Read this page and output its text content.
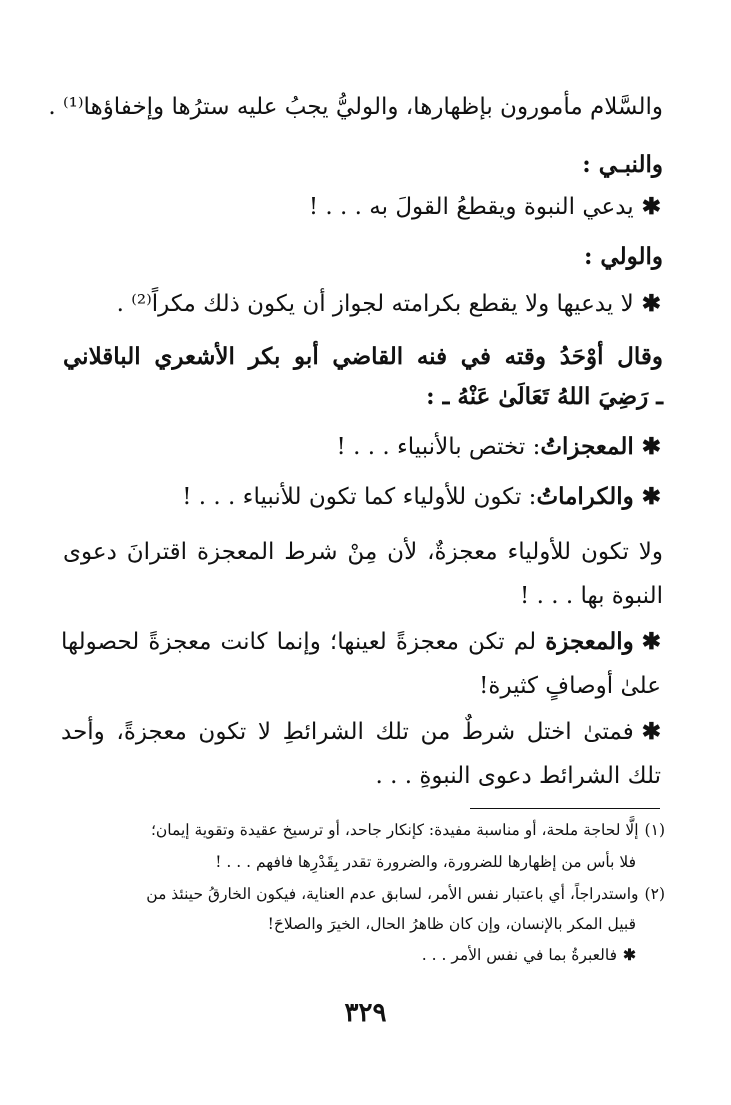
والسَّلام مأمورون بإظهارها، والوليُّ يجبُ عليه سترُها وإخفاؤها⁽¹⁾ .

والنبـي :

✱يدعي النبوة ويقطعُ القولَ به . . . !

والولي :

✱لا يدعيها ولا يقطع بكرامته لجواز أن يكون ذلك مكراً⁽²⁾ .

وقال أوْحَدُ وقته في فنه القاضي أبو بكر الأشعري الباقلاني

ـ رَضِيَ اللهُ تَعَالَىٰ عَنْهُ ـ :

✱المعجزاتُ: تختص بالأنبياء . . . !

✱والكراماتُ: تكون للأولياء كما تكون للأنبياء . . . !

ولا تكون للأولياء معجزةٌ، لأن مِنْ شرط المعجزة اقترانَ دعوى النبوة بها . . . !

✱والمعجزة لم تكن معجزةً لعينها؛ وإنما كانت معجزةً لحصولها علىٰ أوصافٍ كثيرة!

✱فمتىٰ اختل شرطٌ من تلك الشرائطِ لا تكون معجزةً، وأحد تلك الشرائط دعوى النبوةِ . . .

(١)إلَّا لحاجة ملحة، أو مناسبة مفيدة: كإنكار جاحد، أو ترسيخ عقيدة وتقوية إيمان؛

فلا بأس من إظهارها للضرورة، والضرورة تقدر بِقَدْرِها فافهم . . . !

(٢)واستدراجاً، أي باعتبار نفس الأمر، لسابق عدم العناية، فيكون الخارقُ حينئذ من

قبيل المكر بالإنسان، وإن كان ظاهرُ الحال، الخيرَ والصلاحَ!

✱فالعبرةُ بما في نفس الأمر . . .

٣٢٩
